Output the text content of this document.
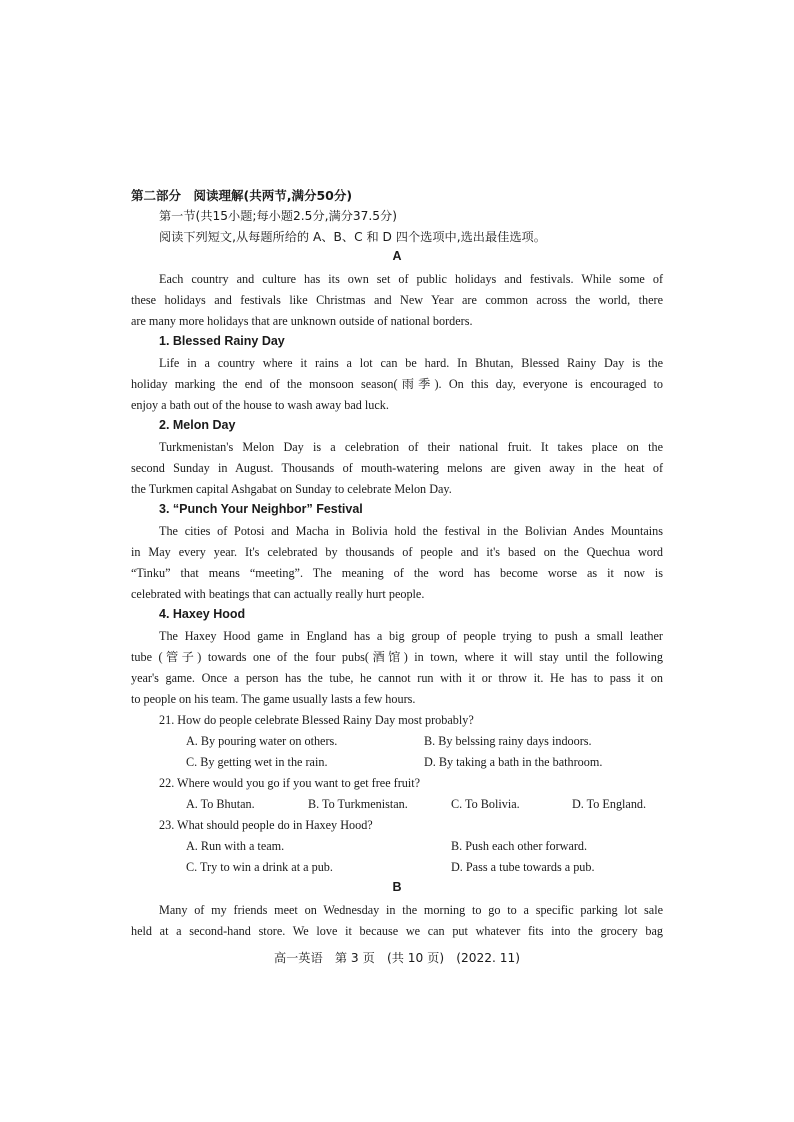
第二部分　阅读理解(共两节,满分50分)
第一节(共15小题;每小题2.5分,满分37.5分)
阅读下列短文,从每题所给的 A、B、C 和 D 四个选项中,选出最佳选项。
A
Each country and culture has its own set of public holidays and festivals. While some of
these holidays and festivals like Christmas and New Year are common across the world, there
are many more holidays that are unknown outside of national borders.
1. Blessed Rainy Day
Life in a country where it rains a lot can be hard. In Bhutan, Blessed Rainy Day is the
holiday marking the end of the monsoon season(雨季). On this day, everyone is encouraged to
enjoy a bath out of the house to wash away bad luck.
2. Melon Day
Turkmenistan's Melon Day is a celebration of their national fruit. It takes place on the
second Sunday in August. Thousands of mouth-watering melons are given away in the heat of
the Turkmen capital Ashgabat on Sunday to celebrate Melon Day.
3. “Punch Your Neighbor” Festival
The cities of Potosi and Macha in Bolivia hold the festival in the Bolivian Andes Mountains
in May every year. It's celebrated by thousands of people and it's based on the Quechua word
“Tinku” that means “meeting”. The meaning of the word has become worse as it now is
celebrated with beatings that can actually really hurt people.
4. Haxey Hood
The Haxey Hood game in England has a big group of people trying to push a small leather
tube (管子) towards one of the four pubs(酒馆) in town, where it will stay until the following
year's game. Once a person has the tube, he cannot run with it or throw it. He has to pass it on
to people on his team. The game usually lasts a few hours.
21. How do people celebrate Blessed Rainy Day most probably?
A. By pouring water on others.	B. By belssing rainy days indoors.
C. By getting wet in the rain.	D. By taking a bath in the bathroom.
22. Where would you go if you want to get free fruit?
A. To Bhutan.	B. To Turkmenistan.	C. To Bolivia.	D. To England.
23. What should people do in Haxey Hood?
A. Run with a team.	B. Push each other forward.
C. Try to win a drink at a pub.	D. Pass a tube towards a pub.
B
Many of my friends meet on Wednesday in the morning to go to a specific parking lot sale
held at a second-hand store. We love it because we can put whatever fits into the grocery bag
高一英语　第 3 页　(共 10 页)　(2022. 11)
